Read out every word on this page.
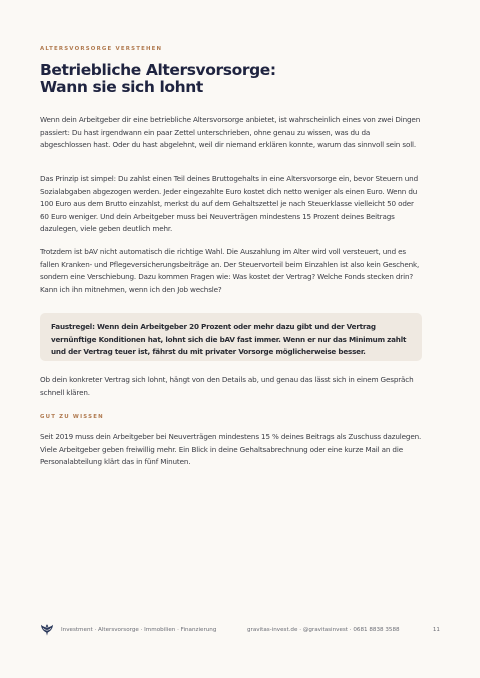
ALTERSVORSORGE VERSTEHEN
Betriebliche Altersvorsorge:
Wann sie sich lohnt

Wenn dein Arbeitgeber dir eine betriebliche Altersvorsorge anbietet, ist wahrscheinlich eines von zwei Dingen passiert: Du hast irgendwann ein paar Zettel unterschrieben, ohne genau zu wissen, was du da abgeschlossen hast. Oder du hast abgelehnt, weil dir niemand erklären konnte, warum das sinnvoll sein soll.

Das Prinzip ist simpel: Du zahlst einen Teil deines Bruttogehalts in eine Altersvorsorge ein, bevor Steuern und Sozialabgaben abgezogen werden. Jeder eingezahlte Euro kostet dich netto weniger als einen Euro. Wenn du 100 Euro aus dem Brutto einzahlst, merkst du auf dem Gehaltszettel je nach Steuerklasse vielleicht 50 oder 60 Euro weniger. Und dein Arbeitgeber muss bei Neuverträgen mindestens 15 Prozent deines Beitrags dazulegen, viele geben deutlich mehr.

Trotzdem ist bAV nicht automatisch die richtige Wahl. Die Auszahlung im Alter wird voll versteuert, und es fallen Kranken- und Pflegeversicherungsbeiträge an. Der Steuervorteil beim Einzahlen ist also kein Geschenk, sondern eine Verschiebung. Dazu kommen Fragen wie: Was kostet der Vertrag? Welche Fonds stecken drin? Kann ich ihn mitnehmen, wenn ich den Job wechsle?

Faustregel: Wenn dein Arbeitgeber 20 Prozent oder mehr dazu gibt und der Vertrag vernünftige Konditionen hat, lohnt sich die bAV fast immer. Wenn er nur das Minimum zahlt und der Vertrag teuer ist, fährst du mit privater Vorsorge möglicherweise besser.

Ob dein konkreter Vertrag sich lohnt, hängt von den Details ab, und genau das lässt sich in einem Gespräch schnell klären.

GUT ZU WISSEN

Seit 2019 muss dein Arbeitgeber bei Neuverträgen mindestens 15 % deines Beitrags als Zuschuss dazulegen. Viele Arbeitgeber geben freiwillig mehr. Ein Blick in deine Gehaltsabrechnung oder eine kurze Mail an die Personalabteilung klärt das in fünf Minuten.

Investment · Altersvorsorge · Immobilien · Finanzierung	gravitas-invest.de · @gravitasinvest · 0681 8838 3588	11
